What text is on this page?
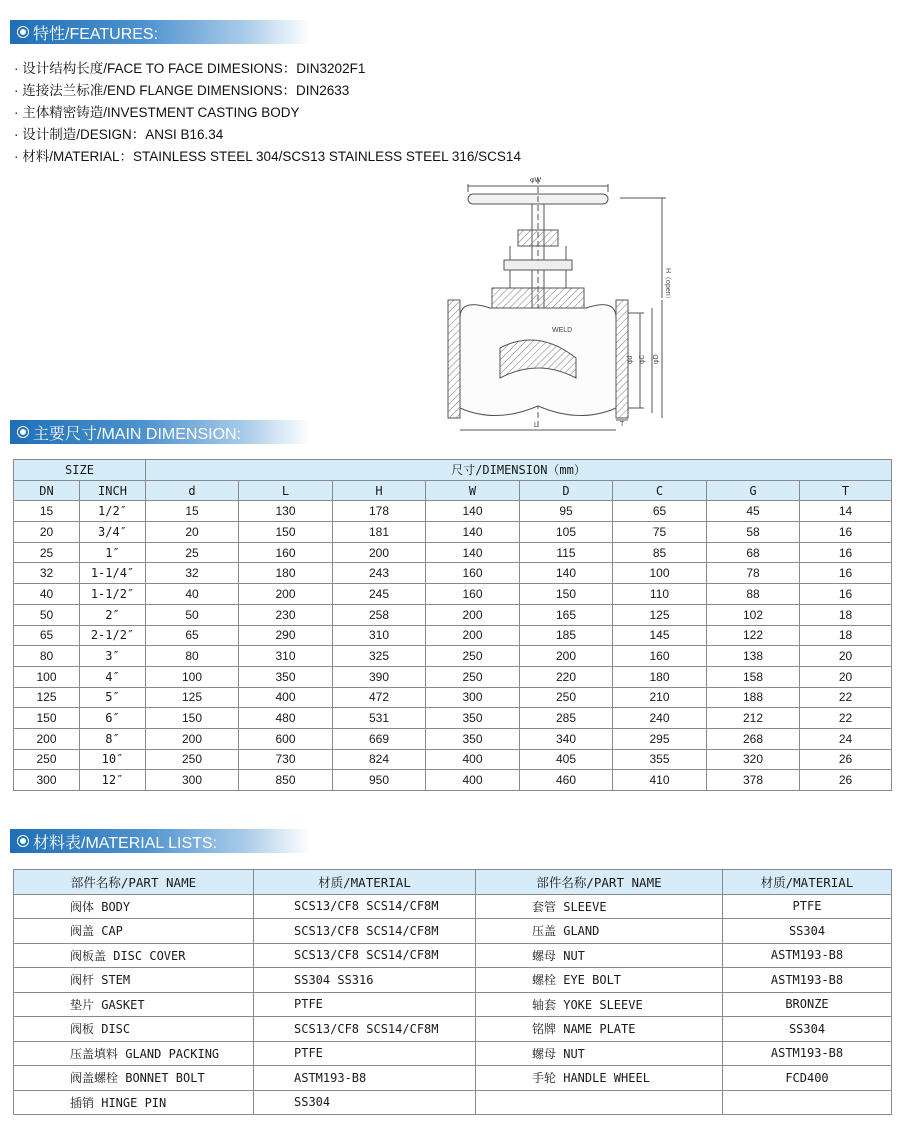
特性/FEATURES:
· 设计结构长度/FACE TO FACE DIMESIONS：DIN3202F1
· 连接法兰标准/END FLANGE DIMENSIONS：DIN2633
· 主体精密铸造/INVESTMENT CASTING BODY
· 设计制造/DESIGN：ANSI B16.34
· 材料/MATERIAL：STAINLESS STEEL 304/SCS13 STAINLESS STEEL 316/SCS14
φW
H（open）
WELD
φd φC φD
L	T
主要尺寸/MAIN DIMENSION:
SIZE		尺寸/DIMENSION（mm）							
DN	INCH	d	L	H	W	D	C	G	T
15	1/2″	15	130	178	140	95	65	45	14
20	3/4″	20	150	181	140	105	75	58	16
25	1″	25	160	200	140	115	85	68	16
32	1-1/4″	32	180	243	160	140	100	78	16
40	1-1/2″	40	200	245	160	150	110	88	16
50	2″	50	230	258	200	165	125	102	18
65	2-1/2″	65	290	310	200	185	145	122	18
80	3″	80	310	325	250	200	160	138	20
100	4″	100	350	390	250	220	180	158	20
125	5″	125	400	472	300	250	210	188	22
150	6″	150	480	531	350	285	240	212	22
200	8″	200	600	669	350	340	295	268	24
250	10″	250	730	824	400	405	355	320	26
300	12″	300	850	950	400	460	410	378	26
材料表/MATERIAL LISTS:
部件名称/PART NAME	材质/MATERIAL	部件名称/PART NAME	材质/MATERIAL
阀体 BODY	SCS13/CF8 SCS14/CF8M	套管 SLEEVE	PTFE
阀盖 CAP	SCS13/CF8 SCS14/CF8M	压盖 GLAND	SS304
阀板盖 DISC COVER	SCS13/CF8 SCS14/CF8M	螺母 NUT	ASTM193-B8
阀杆 STEM	SS304 SS316	螺栓 EYE BOLT	ASTM193-B8
垫片 GASKET	PTFE	轴套 YOKE SLEEVE	BRONZE
阀板 DISC	SCS13/CF8 SCS14/CF8M	铭牌 NAME PLATE	SS304
压盖填料 GLAND PACKING	PTFE	螺母 NUT	ASTM193-B8
阀盖螺栓 BONNET BOLT	ASTM193-B8	手轮 HANDLE WHEEL	FCD400
插销 HINGE PIN	SS304		
